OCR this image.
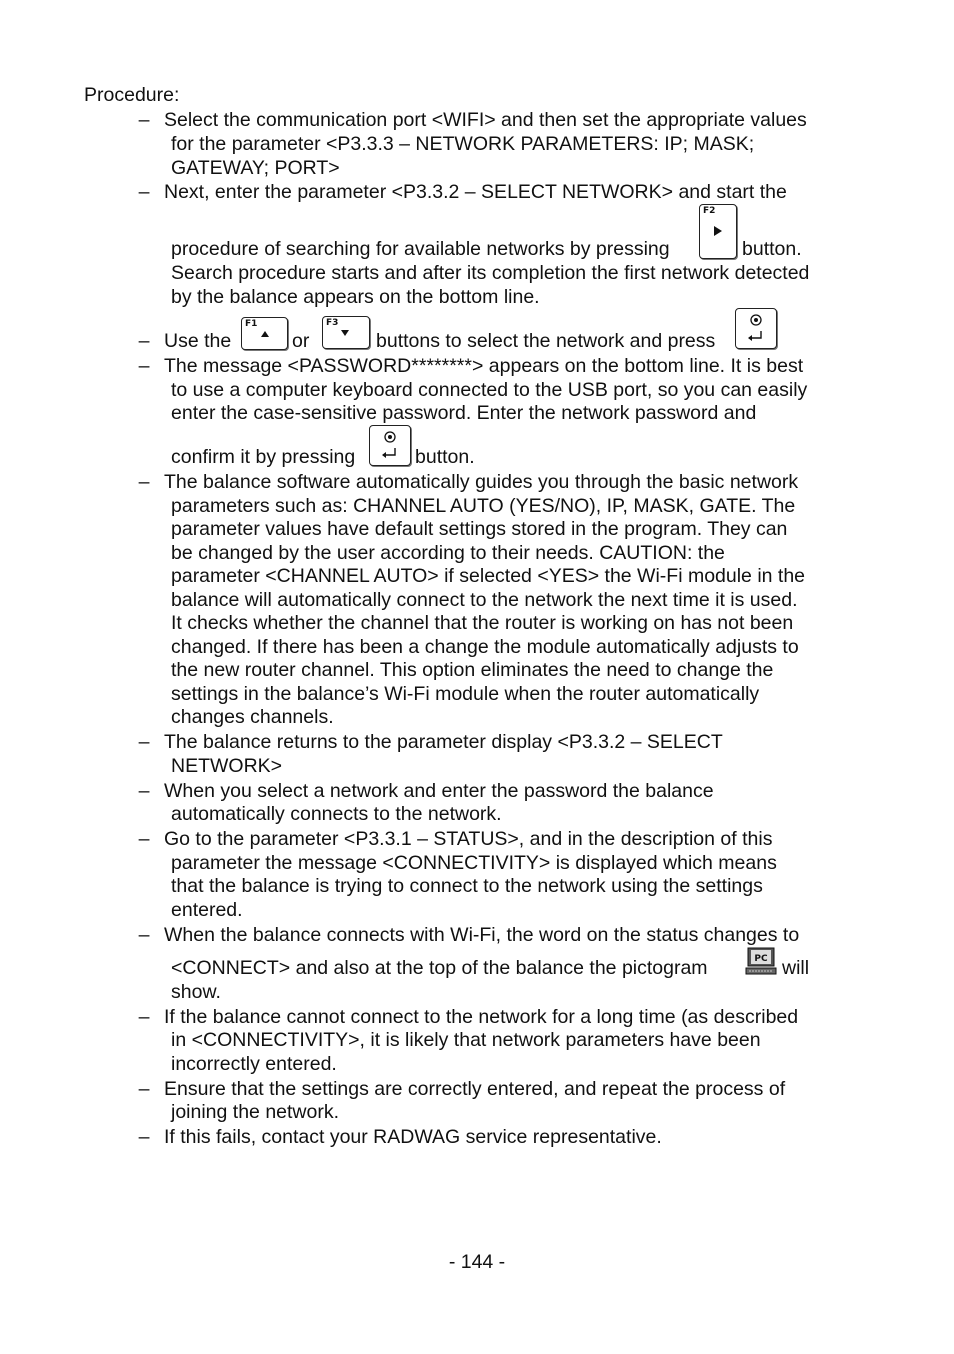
Procedure:
– Select the communication port <WIFI> and then set the appropriate values
for the parameter <P3.3.3 – NETWORK PARAMETERS: IP; MASK;
GATEWAY; PORT>
– Next, enter the parameter <P3.3.2 – SELECT NETWORK> and start the
procedure of searching for available networks by pressing
F2
button.
Search procedure starts and after its completion the first network detected
by the balance appears on the bottom line.
– Use the
F1
or
F3
buttons to select the network and press
– The message <PASSWORD********> appears on the bottom line. It is best
to use a computer keyboard connected to the USB port, so you can easily
enter the case-sensitive password. Enter the network password and
confirm it by pressing	button.
– The balance software automatically guides you through the basic network
parameters such as: CHANNEL AUTO (YES/NO), IP, MASK, GATE. The
parameter values have default settings stored in the program. They can
be changed by the user according to their needs. CAUTION: the
parameter <CHANNEL AUTO> if selected <YES> the Wi-Fi module in the
balance will automatically connect to the network the next time it is used.
It checks whether the channel that the router is working on has not been
changed. If there has been a change the module automatically adjusts to
the new router channel. This option eliminates the need to change the
settings in the balance’s Wi-Fi module when the router automatically
changes channels.
– The balance returns to the parameter display <P3.3.2 – SELECT
NETWORK>
– When you select a network and enter the password the balance
automatically connects to the network.
– Go to the parameter <P3.3.1 – STATUS>, and in the description of this
parameter the message <CONNECTIVITY> is displayed which means
that the balance is trying to connect to the network using the settings
entered.
– When the balance connects with Wi-Fi, the word on the status changes to
<CONNECT> and also at the top of the balance the pictogram	PC will
show.
– If the balance cannot connect to the network for a long time (as described
in <CONNECTIVITY>, it is likely that network parameters have been
incorrectly entered.
– Ensure that the settings are correctly entered, and repeat the process of
joining the network.
– If this fails, contact your RADWAG service representative.
- 144 -
